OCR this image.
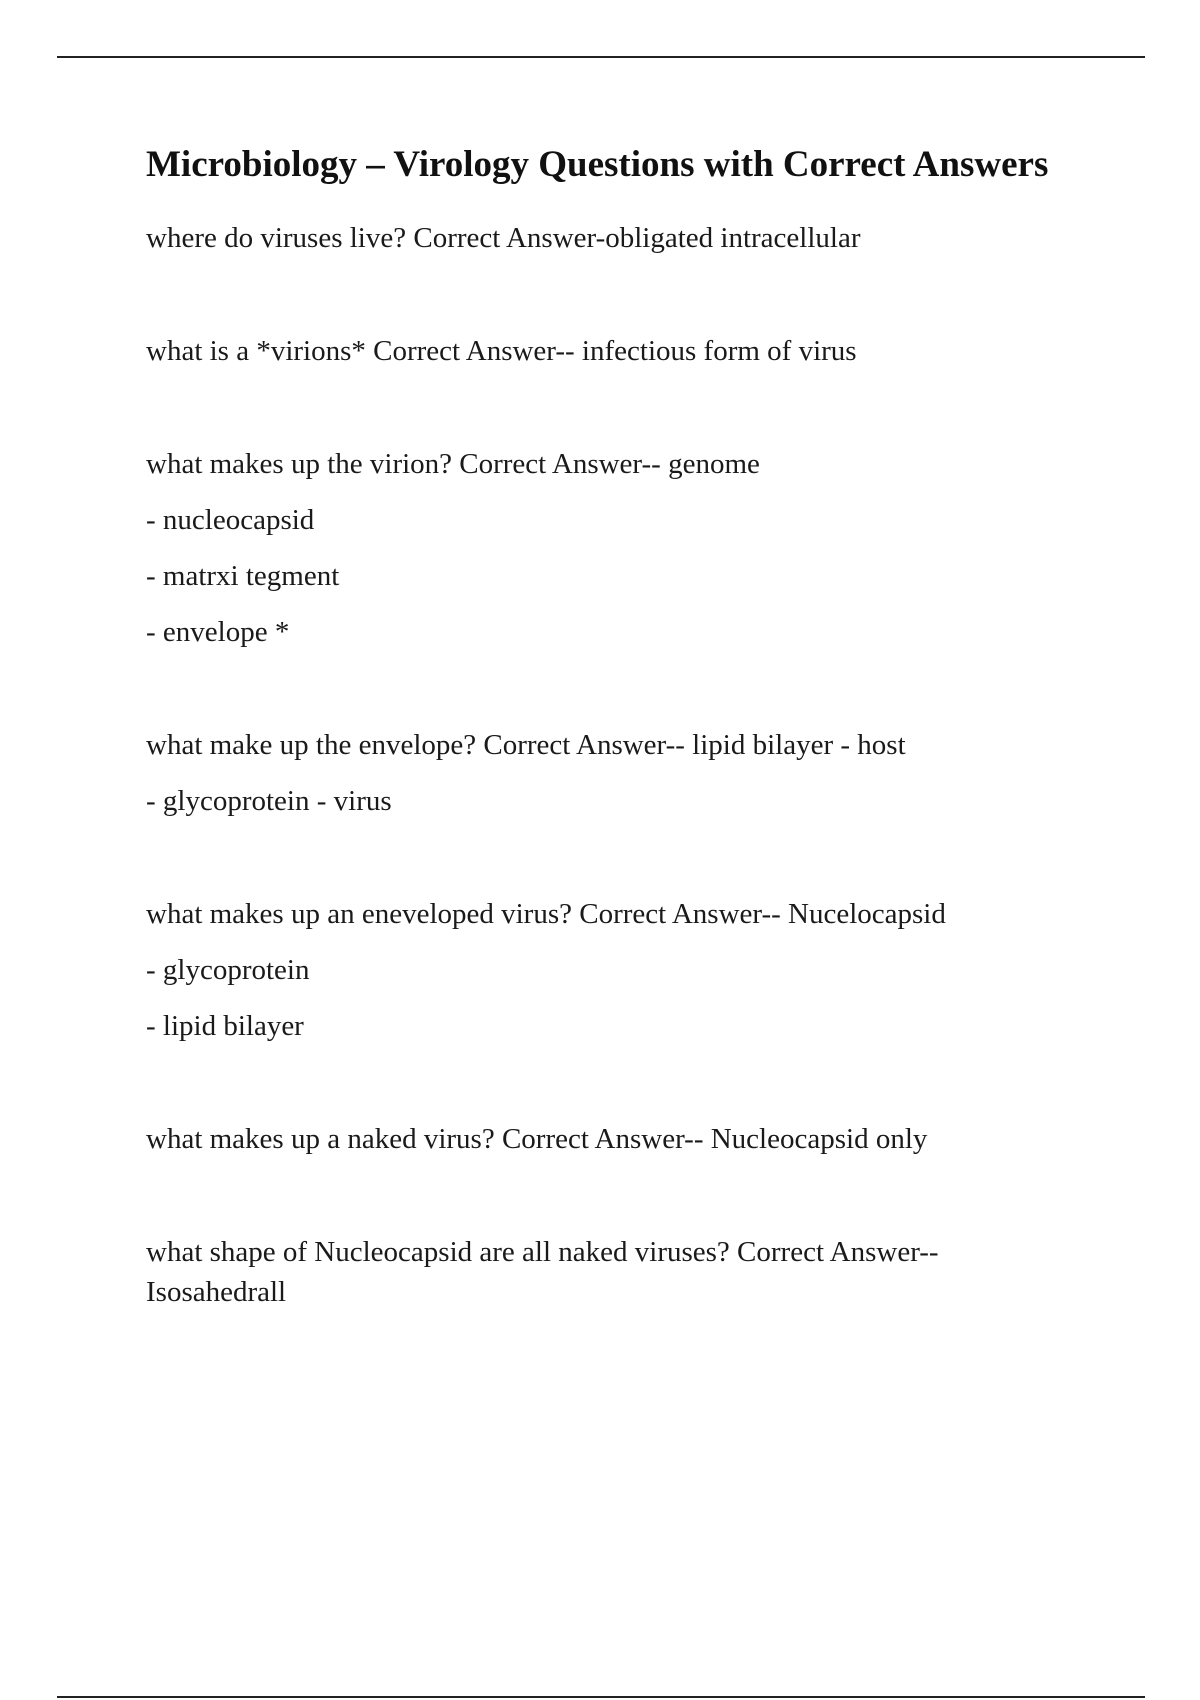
Microbiology – Virology Questions with Correct Answers
where do viruses live? Correct Answer-obligated intracellular
what is a *virions* Correct Answer-- infectious form of virus
what makes up the virion? Correct Answer-- genome
- nucleocapsid
- matrxi tegment
- envelope *
what make up the envelope? Correct Answer-- lipid bilayer - host
- glycoprotein - virus
what makes up an eneveloped virus? Correct Answer-- Nucelocapsid
- glycoprotein
- lipid bilayer
what makes up a naked virus? Correct Answer-- Nucleocapsid only
what shape of Nucleocapsid are all naked viruses? Correct Answer-- Isosahedrall
